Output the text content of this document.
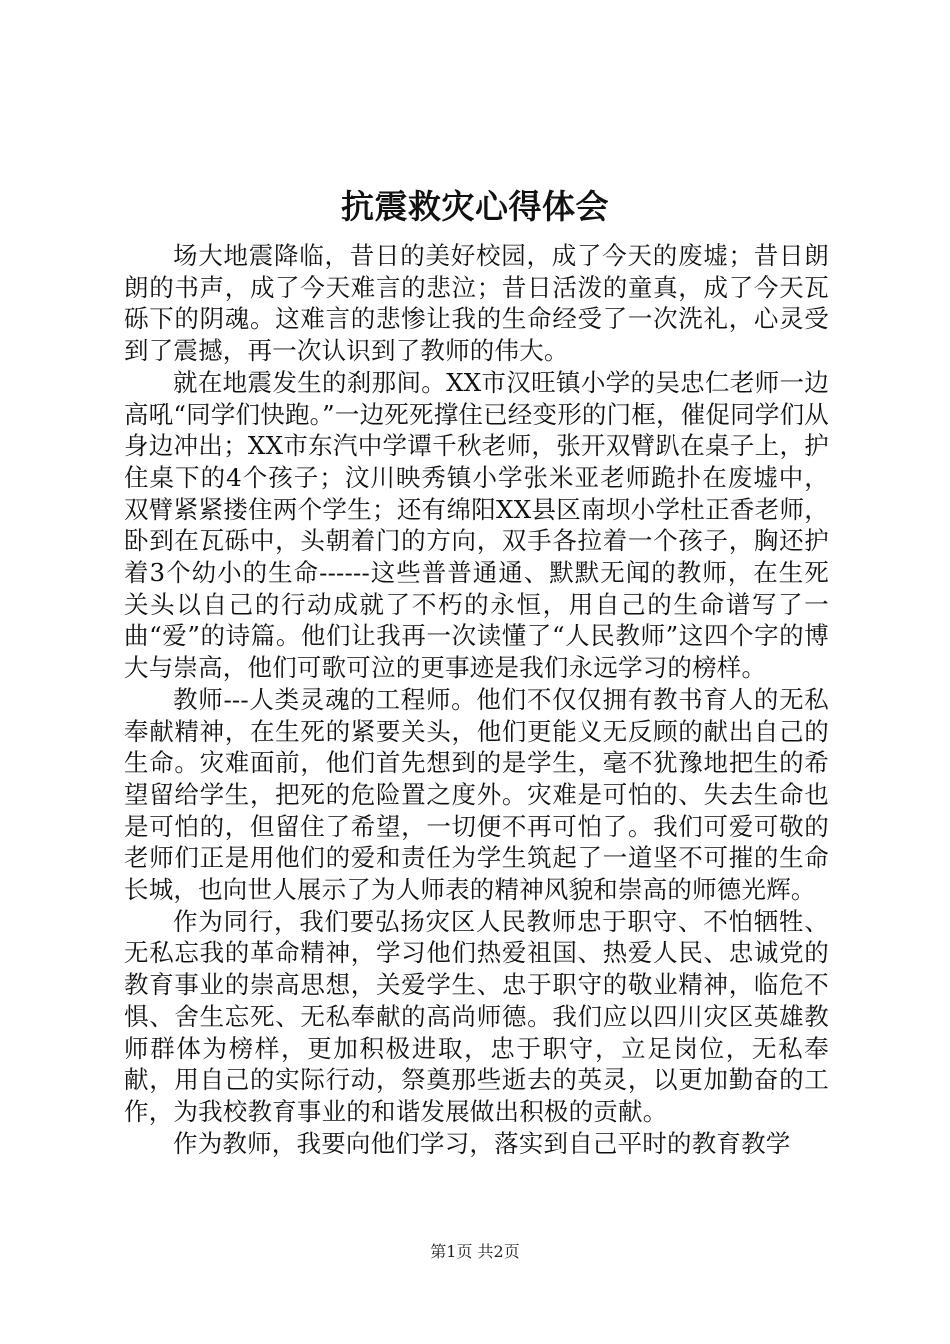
抗震救灾心得体会

场大地震降临，昔日的美好校园，成了今天的废墟；昔日朗朗的书声，成了今天难言的悲泣；昔日活泼的童真，成了今天瓦砾下的阴魂。这难言的悲惨让我的生命经受了一次洗礼，心灵受到了震撼，再一次认识到了教师的伟大。

就在地震发生的刹那间。XX市汉旺镇小学的吴忠仁老师一边高吼“同学们快跑。”一边死死撑住已经变形的门框，催促同学们从身边冲出；XX市东汽中学谭千秋老师，张开双臂趴在桌子上，护住桌下的4个孩子；汶川映秀镇小学张米亚老师跪扑在废墟中，双臂紧紧搂住两个学生；还有绵阳XX县区南坝小学杜正香老师，卧到在瓦砾中，头朝着门的方向，双手各拉着一个孩子，胸还护着3个幼小的生命------这些普普通通、默默无闻的教师，在生死关头以自己的行动成就了不朽的永恒，用自己的生命谱写了一曲“爱”的诗篇。他们让我再一次读懂了“人民教师”这四个字的博大与崇高，他们可歌可泣的更事迹是我们永远学习的榜样。

教师---人类灵魂的工程师。他们不仅仅拥有教书育人的无私奉献精神，在生死的紧要关头，他们更能义无反顾的献出自己的生命。灾难面前，他们首先想到的是学生，毫不犹豫地把生的希望留给学生，把死的危险置之度外。灾难是可怕的、失去生命也是可怕的，但留住了希望，一切便不再可怕了。我们可爱可敬的老师们正是用他们的爱和责任为学生筑起了一道坚不可摧的生命长城，也向世人展示了为人师表的精神风貌和崇高的师德光辉。

作为同行，我们要弘扬灾区人民教师忠于职守、不怕牺牲、无私忘我的革命精神，学习他们热爱祖国、热爱人民、忠诚党的教育事业的崇高思想，关爱学生、忠于职守的敬业精神，临危不惧、舍生忘死、无私奉献的高尚师德。我们应以四川灾区英雄教师群体为榜样，更加积极进取，忠于职守，立足岗位，无私奉献，用自己的实际行动，祭奠那些逝去的英灵，以更加勤奋的工作，为我校教育事业的和谐发展做出积极的贡献。

作为教师，我要向他们学习，落实到自己平时的教育教学

第1页 共2页
